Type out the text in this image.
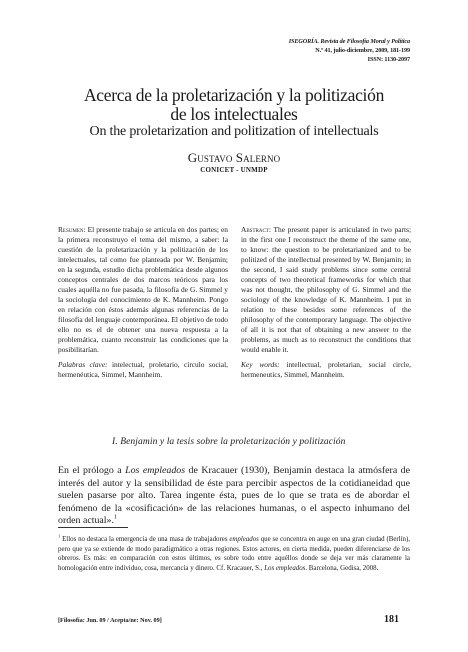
ISEGORÍA. Revista de Filosofía Moral y Política
N.º 41, julio-diciembre, 2009, 181-199
ISSN: 1130-2097
Acerca de la proletarización y la politización
de los intelectuales
On the proletarization and politization of intellectuals
Gustavo Salerno
CONICET - UNMDP
Resumen: El presente trabajo se articula en dos partes; en la primera reconstruyo el tema del mismo, a saber: la cuestión de la proletarización y la politización de los intelectuales, tal como fue planteada por W. Benjamin; en la segunda, estudio dicha problemática desde algunos conceptos centrales de dos marcos teóricos para los cuales aquélla no fue pasada, la filosofía de G. Simmel y la sociología del conocimiento de K. Mannheim. Pongo en relación con éstos además algunas referencias de la filosofía del lenguaje contemporánea. El objetivo de todo ello no es el de obtener una nueva respuesta a la problemática, cuanto reconstruir las condiciones que la posibilitarían.
Palabras clave: intelectual, proletario, círculo social, hermenéutica, Simmel, Mannheim.
Abstract: The present paper is articulated in two parts; in the first one I reconstruct the theme of the same one, to know: the question to be proletarianized and to be politized of the intellectual presented by W. Benjamin; in the second, I said study problems since some central concepts of two theoretical frameworks for which that was not thought, the philosophy of G. Simmel and the sociology of the knowledge of K. Mannheim. I put in relation to these besides some references of the philosophy of the contemporary language. The objective of all it is not that of obtaining a new answer to the problems, as much as to reconstruct the conditions that would enable it.
Key words: intellectual, proletarian, social circle, hermeneutics, Simmel, Mannheim.
I. Benjamin y la tesis sobre la proletarización y politización
En el prólogo a Los empleados de Kracauer (1930), Benjamin destaca la atmósfera de interés del autor y la sensibilidad de éste para percibir aspectos de la cotidianeidad que suelen pasarse por alto. Tarea ingente ésta, pues de lo que se trata es de abordar el fenómeno de la «cosificación» de las relaciones humanas, o el aspecto inhumano del orden actual».$^1$
$^1$ Ellos no destaca la emergencia de una masa de trabajadores empleados que se concentra en auge en una gran ciudad (Berlín), pero que ya se extiende de modo paradigmático a otras regiones. Estos actores, en cierta medida, pueden diferenciarse de los obreros. Es más: en comparación con estos últimos, es sobre todo entre aquéllos donde se deja ver más claramente la homologación entre individuo, cosa, mercancía y dinero. Cf. Kracauer, S., Los empleados. Barcelona, Gedisa, 2008.
[Filosofía: Jun. 09 / Acepta/ne: Nov. 09]	181
